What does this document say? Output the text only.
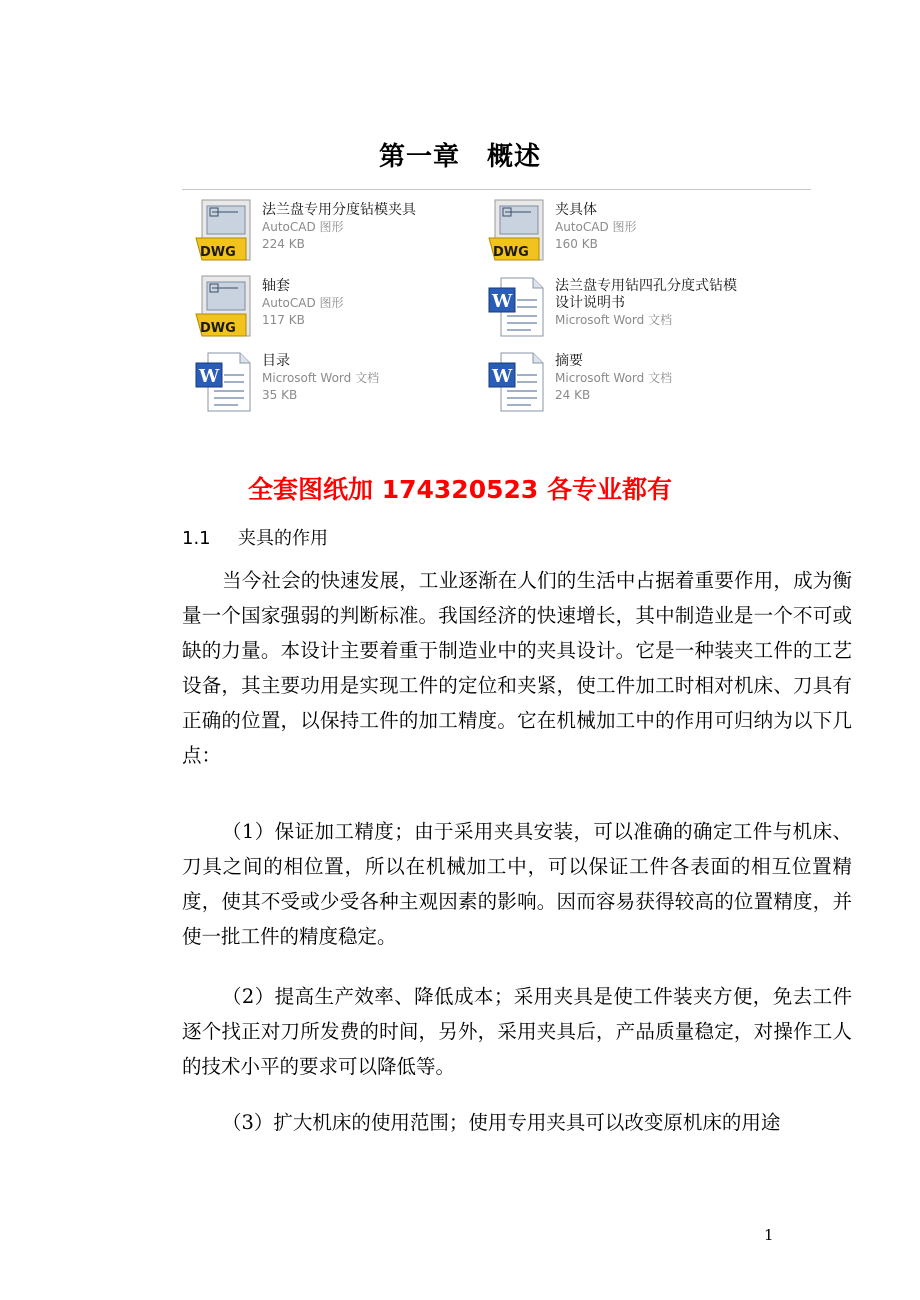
第一章　概述
DWG
法兰盘专用分度钻模夹具
AutoCAD 图形
224 KB
DWG
夹具体
AutoCAD 图形
160 KB
DWG
轴套
AutoCAD 图形
117 KB
W
法兰盘专用钻四孔分度式钻模
设计说明书
Microsoft Word 文档
W
目录
Microsoft Word 文档
35 KB
W
摘要
Microsoft Word 文档
24 KB
全套图纸加 174320523 各专业都有
1.1 夹具的作用
当今社会的快速发展，工业逐渐在人们的生活中占据着重要作用，成为衡量一个国家强弱的判断标准。我国经济的快速增长，其中制造业是一个不可或缺的力量。本设计主要着重于制造业中的夹具设计。它是一种装夹工件的工艺设备，其主要功用是实现工件的定位和夹紧，使工件加工时相对机床、刀具有正确的位置，以保持工件的加工精度。它在机械加工中的作用可归纳为以下几点：
（1）保证加工精度；由于采用夹具安装，可以准确的确定工件与机床、刀具之间的相位置，所以在机械加工中，可以保证工件各表面的相互位置精度，使其不受或少受各种主观因素的影响。因而容易获得较高的位置精度，并使一批工件的精度稳定。
（2）提高生产效率、降低成本；采用夹具是使工件装夹方便，免去工件逐个找正对刀所发费的时间，另外，采用夹具后，产品质量稳定，对操作工人的技术小平的要求可以降低等。
（3）扩大机床的使用范围；使用专用夹具可以改变原机床的用途
1
